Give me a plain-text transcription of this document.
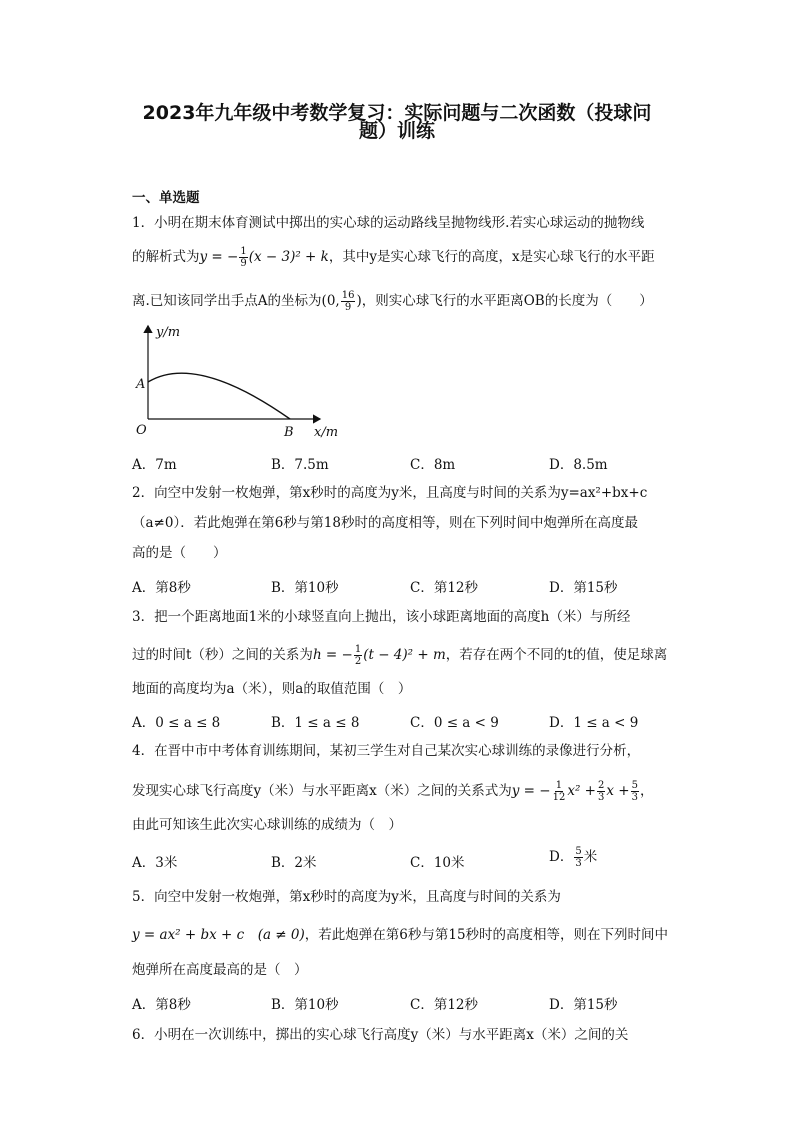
2023年九年级中考数学复习：实际问题与二次函数（投球问
题）训练
一、单选题
1．小明在期末体育测试中掷出的实心球的运动路线呈抛物线形.若实心球运动的抛物线
的解析式为y = − $\frac{1}{9} (x - 3)^2 + k$，其中y是实心球飞行的高度，x是实心球飞行的水平距
离.已知该同学出手点A的坐标为(0, $\frac{16}{9}$ )，则实心球飞行的水平距离OB的长度为（　　）
y/m
A
O	B x/m
A．7m	B．7.5m	C．8m	D．8.5m
2．向空中发射一枚炮弹，第x秒时的高度为y米，且高度与时间的关系为y=ax²+bx+c
（a≠0）．若此炮弹在第6秒与第18秒时的高度相等，则在下列时间中炮弹所在高度最
高的是（　　）
A．第8秒	B．第10秒	C．第12秒	D．第15秒
3．把一个距离地面1米的小球竖直向上抛出，该小球距离地面的高度h（米）与所经
过的时间t（秒）之间的关系为h = − $\frac{1}{2} (t - 4)^2 + m$，若存在两个不同的t的值，使足球离
地面的高度均为a（米），则a的取值范围（　）
A．0 ≤ a ≤ 8	B．1 ≤ a ≤ 8	C．0 ≤ a < 9	D．1 ≤ a < 9
4．在晋中市中考体育训练期间，某初三学生对自己某次实心球训练的录像进行分析，
发现实心球飞行高度y（米）与水平距离x（米）之间的关系式为y = − $\frac{1}{12} x^2 + \frac{2}{3}$ $x + \frac{5}{3}$ ，
由此可知该生此次实心球训练的成绩为（　）
A．3米	B．2米	C．10米	D． $\frac{5}{3}$ 米
5．向空中发射一枚炮弹，第x秒时的高度为y米，且高度与时间的关系为
y = ax² + bx + c　(a ≠ 0)，若此炮弹在第6秒与第15秒时的高度相等，则在下列时间中
炮弹所在高度最高的是（　）
A．第8秒	B．第10秒	C．第12秒	D．第15秒
6．小明在一次训练中，掷出的实心球飞行高度y（米）与水平距离x（米）之间的关
